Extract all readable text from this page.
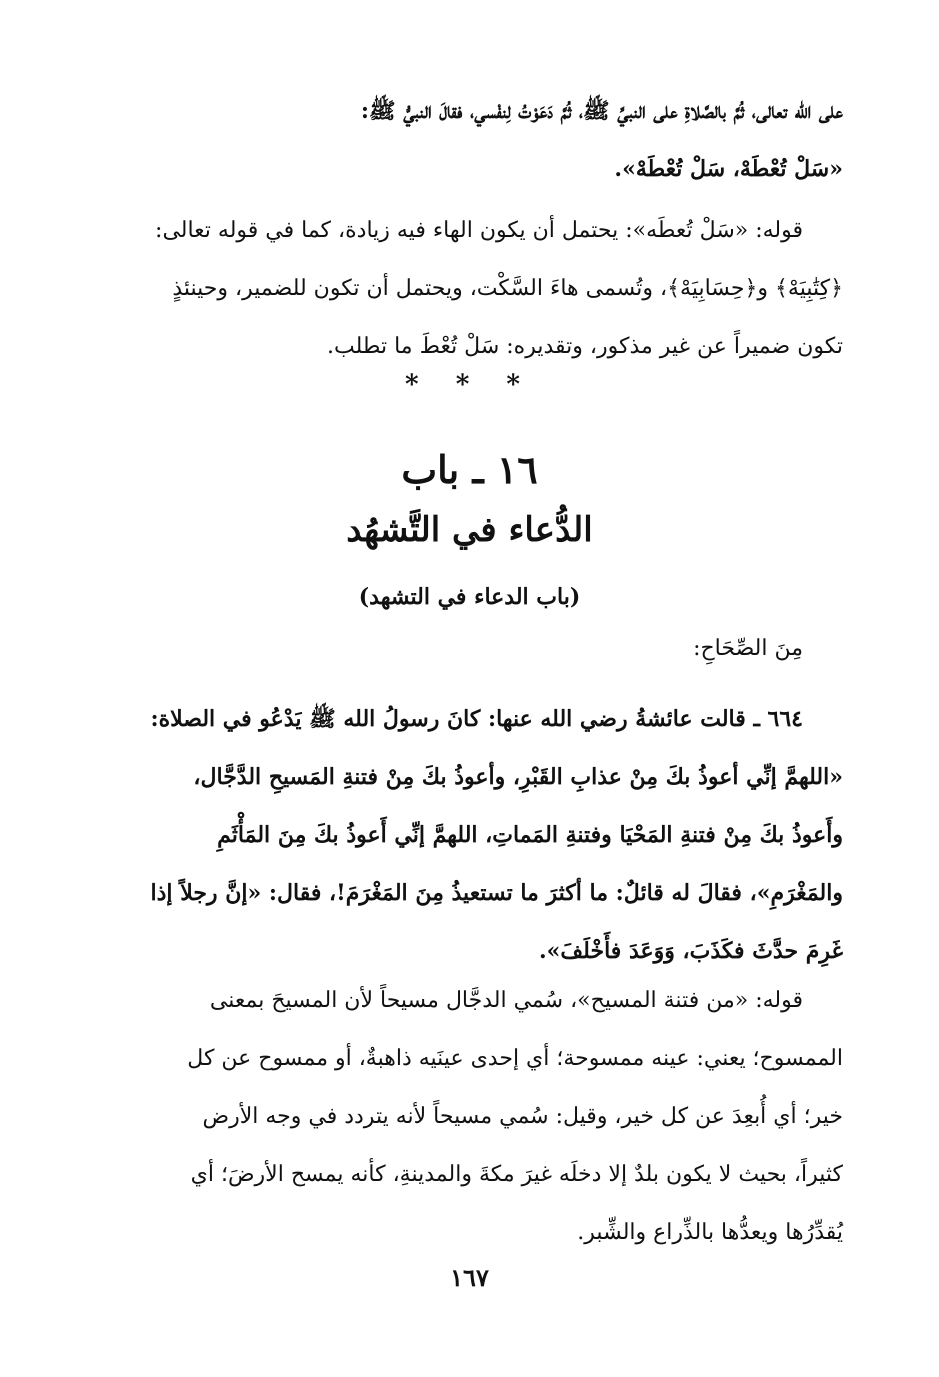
على الله تعالى، ثُمَّ بالصَّلاةِ على النبيِّ ﷺ، ثُمَّ دَعَوْتُ لِنفْسي، فقالَ النبيُّ ﷺ:
«سَلْ تُعْطَهْ، سَلْ تُعْطَهْ».
قوله: «سَلْ تُعطَه»: يحتمل أن يكون الهاء فيه زيادة، كما في قوله تعالى:
﴿كِتَٰبِيَهْ﴾ و﴿حِسَابِيَهْ﴾، وتُسمى هاءَ السَّكْت، ويحتمل أن تكون للضمير، وحينئذٍ
تكون ضميراً عن غير مذكور، وتقديره: سَلْ تُعْطَ ما تطلب.
* * *
١٦ ـ باب
الدُّعاء في التَّشهُد
(باب الدعاء في التشهد)
مِنَ الصِّحَاحِ:
٦٦٤ ـ قالت عائشةُ رضي الله عنها: كانَ رسولُ الله ﷺ يَدْعُو في الصلاة:
«اللهمَّ إنِّي أعوذُ بكَ مِنْ عذابِ القَبْرِ، وأعوذُ بكَ مِنْ فتنةِ المَسيحِ الدَّجَّال،
وأَعوذُ بكَ مِنْ فتنةِ المَحْيَا وفتنةِ المَماتِ، اللهمَّ إنِّي أَعوذُ بكَ مِنَ المَأْثَمِ
والمَغْرَمِ»، فقالَ له قائلٌ: ما أكثرَ ما تستعيذُ مِنَ المَغْرَمَ!، فقال: «إنَّ رجلاً إذا
غَرِمَ حدَّثَ فكَذَبَ، وَوَعَدَ فأَخْلَفَ».
قوله: «من فتنة المسيح»، سُمي الدجَّال مسيحاً لأن المسيحَ بمعنى
الممسوح؛ يعني: عينه ممسوحة؛ أي إحدى عينَيه ذاهبةٌ، أو ممسوح عن كل
خير؛ أي أُبعِدَ عن كل خير، وقيل: سُمي مسيحاً لأنه يتردد في وجه الأرض
كثيراً، بحيث لا يكون بلدٌ إلا دخلَه غيرَ مكةَ والمدينةِ، كأنه يمسح الأرضَ؛ أي
يُقدِّرُها ويعدُّها بالذِّراع والشِّبر.
١٦٧
